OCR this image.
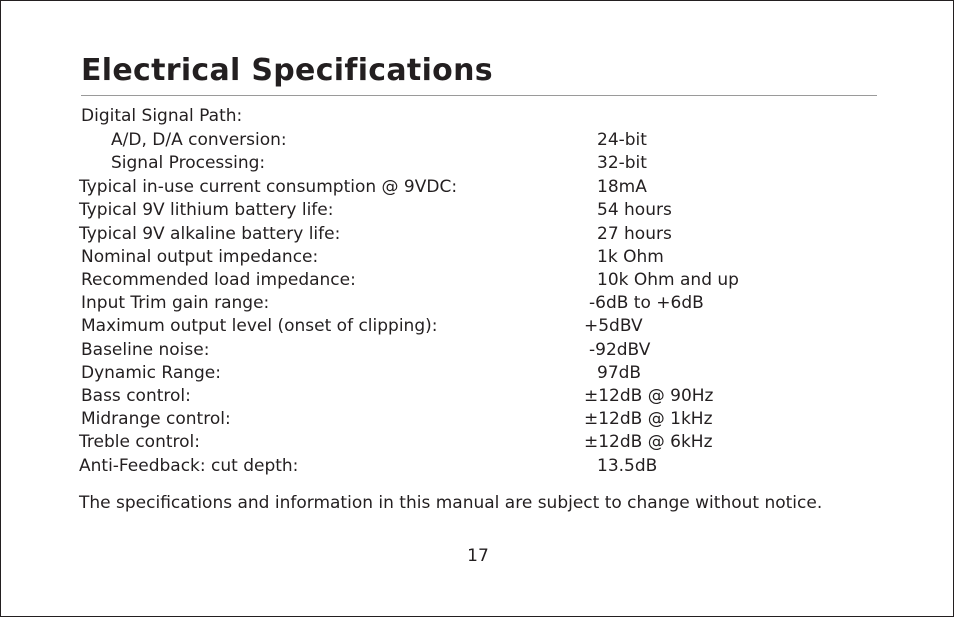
Electrical Specifications
Digital Signal Path:
A/D, D/A conversion:	24-bit
Signal Processing:	32-bit
Typical in-use current consumption @ 9VDC:	18mA
Typical 9V lithium battery life:	54 hours
Typical 9V alkaline battery life:	27 hours
Nominal output impedance:	1k Ohm
Recommended load impedance:	10k Ohm and up
Input Trim gain range:	-6dB to +6dB
Maximum output level (onset of clipping):	+5dBV
Baseline noise:	-92dBV
Dynamic Range:	97dB
Bass control:	±12dB @ 90Hz
Midrange control:	±12dB @ 1kHz
Treble control:	±12dB @ 6kHz
Anti-Feedback: cut depth:	13.5dB
The specifications and information in this manual are subject to change without notice.
17
